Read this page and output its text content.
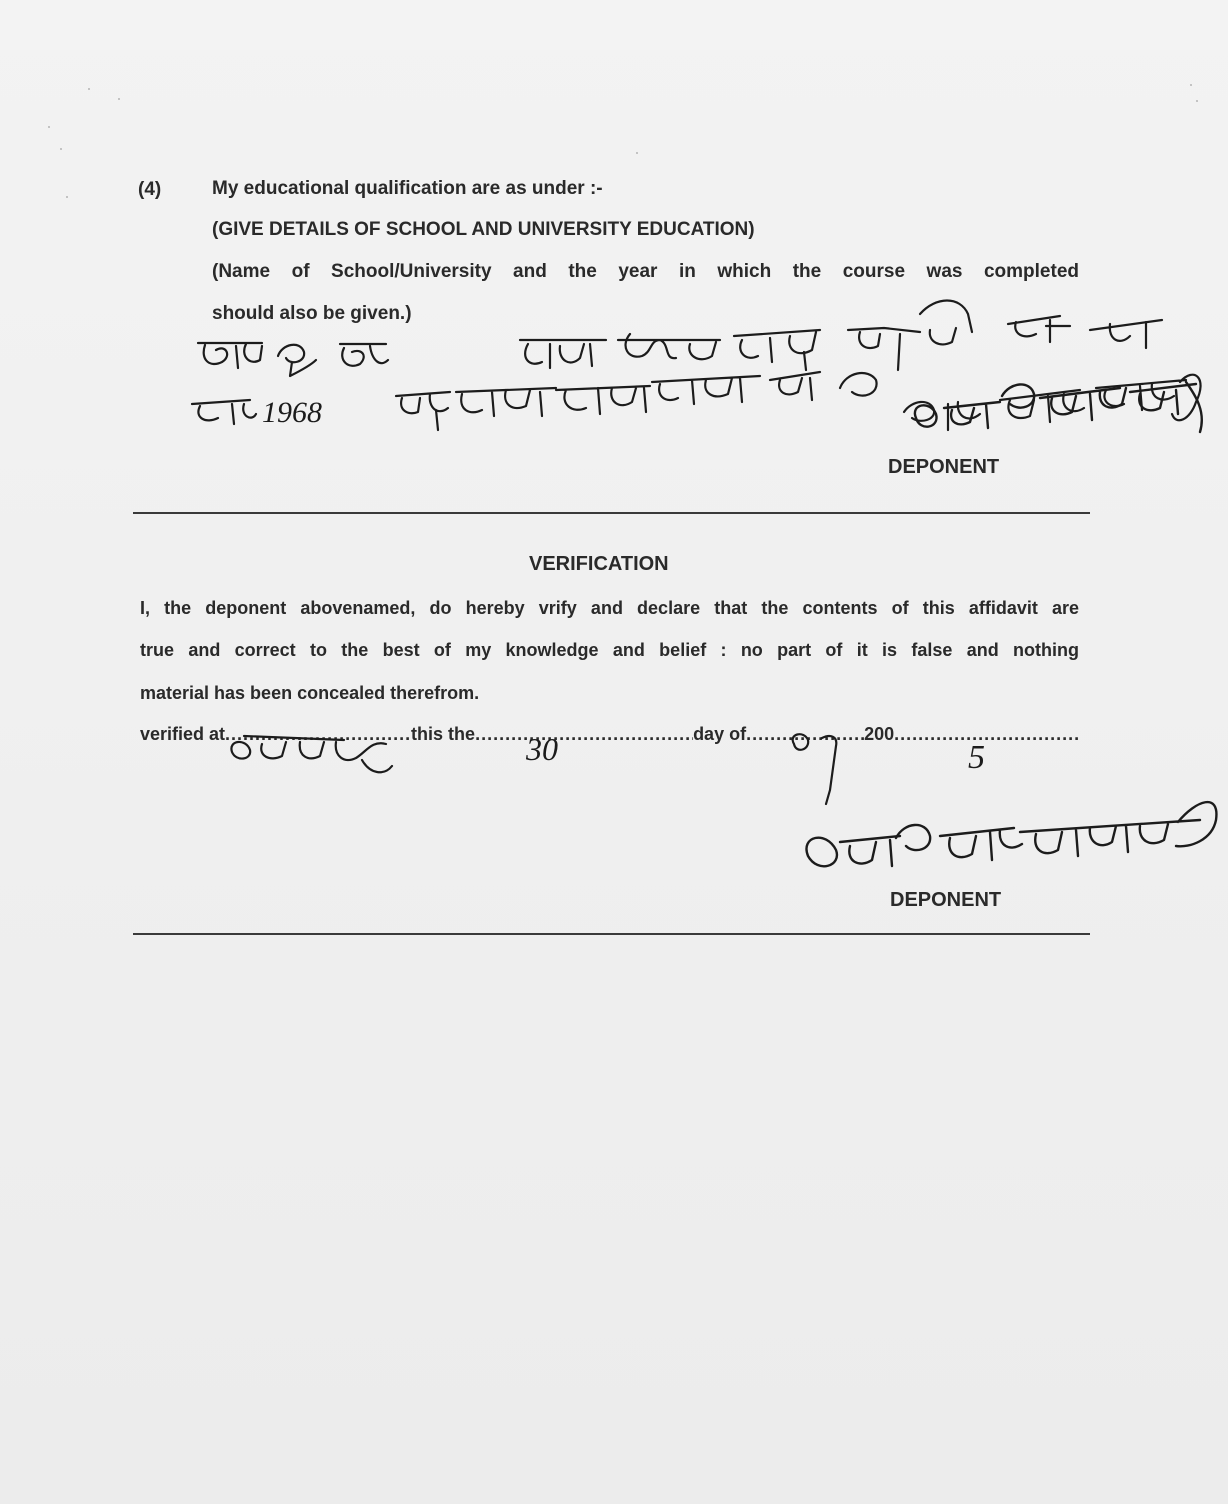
(4)	My educational qualification are as under :-
(GIVE DETAILS OF SCHOOL AND UNIVERSITY EDUCATION)
(Name of School/University and the year in which the course was completed
should also be given.)
DEPONENT
VERIFICATION
I, the deponent abovenamed, do hereby vrify and declare that the contents of this affidavit are
true and correct to the best of my knowledge and belief : no part of it is false and nothing
material has been concealed therefrom.
verified at .....	this the .....	day of .....	200
.....
DEPONENT
1968
30	5
